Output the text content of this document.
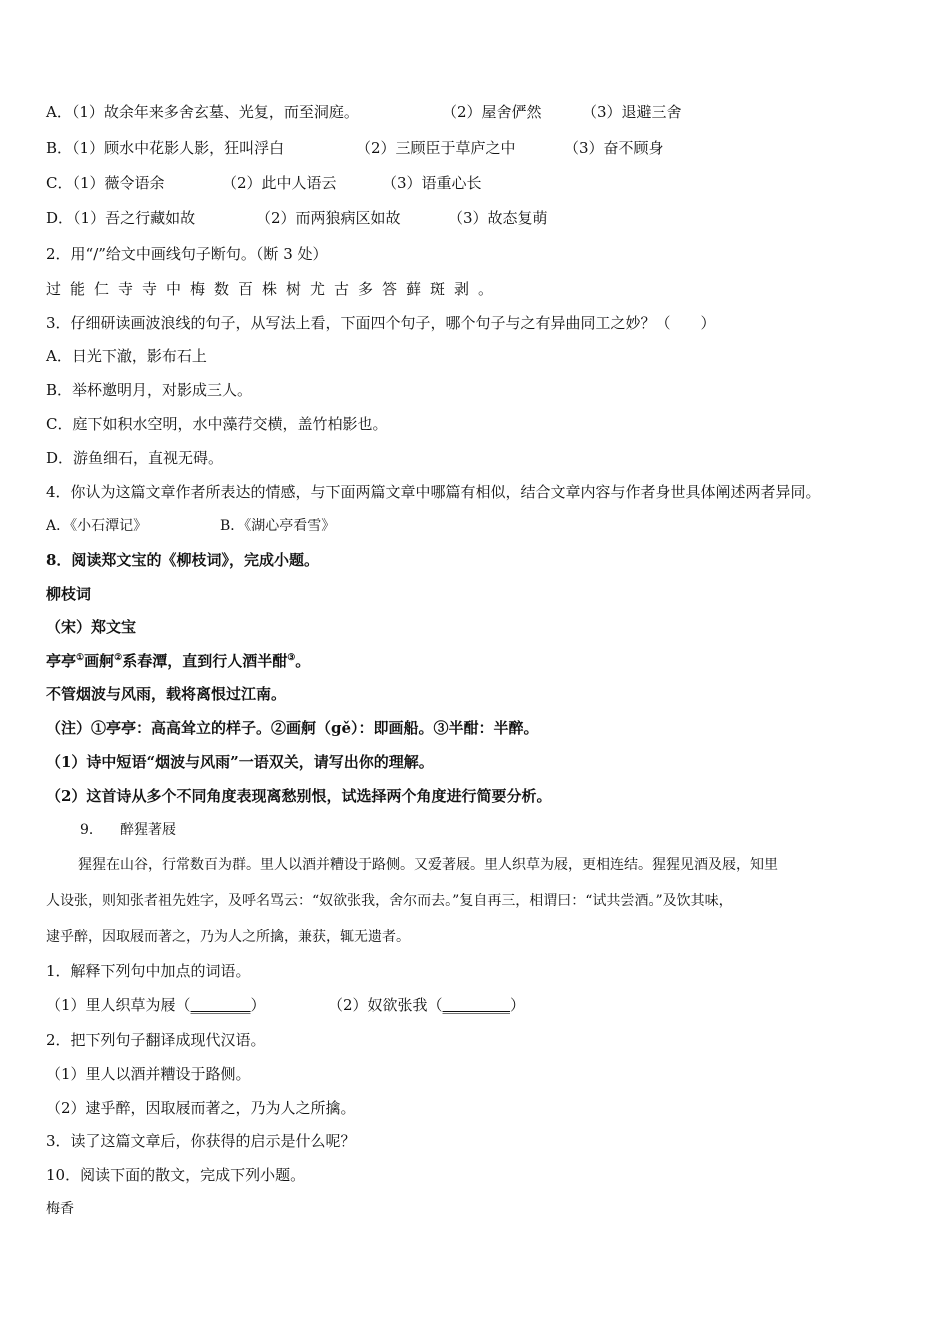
A．（1）故余年来多舍玄墓、光复，而至洞庭。	（2）屋舍俨然	（3）退避三舍
B．（1）顾水中花影人影，狂叫浮白	（2）三顾臣于草庐之中	（3）奋不顾身
C．（1）薇令语余	（2）此中人语云	（3）语重心长
D．（1）吾之行藏如故	（2）而两狼病区如故	（3）故态复萌
2．用“/”给文中画线句子断句。（断 3 处）
过能仁寺寺中梅数百株树尤古多答藓斑剥。
3．仔细研读画波浪线的句子，从写法上看，下面四个句子，哪个句子与之有异曲同工之妙？（　　）
A．日光下澈，影布石上
B．举杯邀明月，对影成三人。
C．庭下如积水空明，水中藻荇交横，盖竹柏影也。
D．游鱼细石，直视无碍。
4．你认为这篇文章作者所表达的情感，与下面两篇文章中哪篇有相似，结合文章内容与作者身世具体阐述两者异同。
A．《小石潭记》	B．《湖心亭看雪》
8．阅读郑文宝的《柳枝词》，完成小题。
柳枝词
（宋）郑文宝
亭亭①画舸②系春潭，直到行人酒半酣③。
不管烟波与风雨，载将离恨过江南。
（注）①亭亭：高高耸立的样子。②画舸（gě）：即画船。③半酣：半醉。
（1）诗中短语“烟波与风雨”一语双关，请写出你的理解。
（2）这首诗从多个不同角度表现离愁别恨，试选择两个角度进行简要分析。
9． 醉猩著屐
猩猩在山谷，行常数百为群。里人以酒并糟设于路侧。又爱著屐。里人织草为屐，更相连结。猩猩见酒及屐，知里
人设张，则知张者祖先姓字，及呼名骂云：“奴欲张我，舍尔而去。”复自再三，相谓曰：“试共尝酒。”及饮其味，
逮乎醉，因取屐而著之，乃为人之所擒，兼获，辄无遗者。
1．解释下列句中加点的词语。
（1）里人织草为屐（________）	（2）奴欲张我（_________）
2．把下列句子翻译成现代汉语。
（1）里人以酒并糟设于路侧。
（2）逮乎醉，因取屐而著之，乃为人之所擒。
3．读了这篇文章后，你获得的启示是什么呢？
10．阅读下面的散文，完成下列小题。
梅香
